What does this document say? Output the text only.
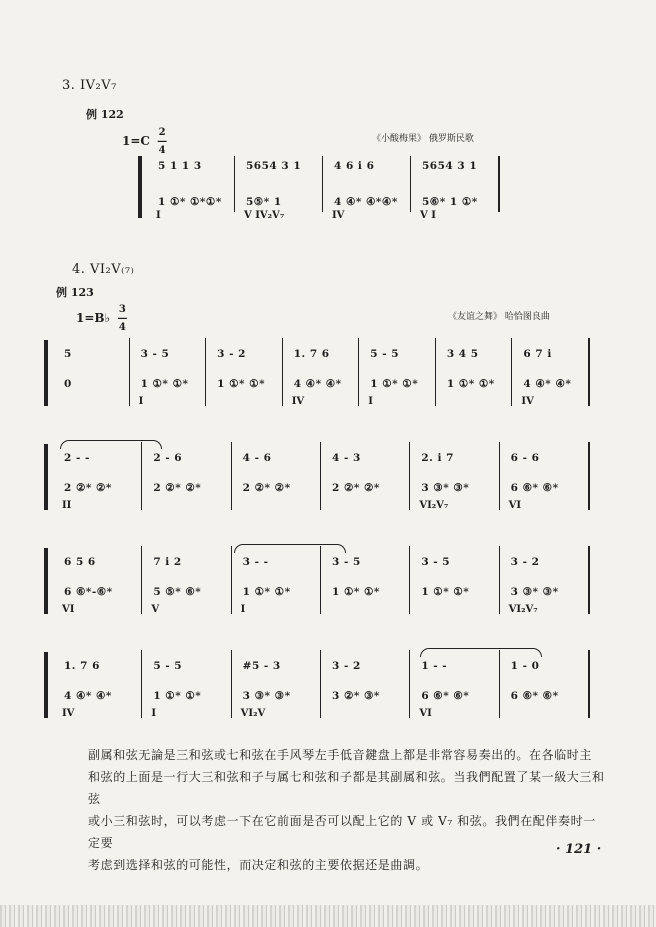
3. IV₂V₇
例 122
1=C 2
—
4
《小酸梅果》 俄罗斯民歌
5 1 1 3
1 ①* ①*①*
I
5654 3 1
5⑤* 1
V IV₂V₇
4 6 i 6
4 ④* ④*④*
IV
5654 3 1
5⑥* 1 ①*
V I
4. VI₂V₍₇₎
例 123
1=B♭ 3
—
4
《友谊之舞》 哈恰图良曲
5
0
3 - 5
1 ①* ①*
I
3 - 2
1 ①* ①*
1. 7 6
4 ④* ④*
IV
5 - 5
1 ①* ①*
I
3 4 5
1 ①* ①*
6 7 i
4 ④* ④*
IV
2 - -
2 ②* ②*
II
2 - 6
2 ②* ②*
4 - 6
2 ②* ②*
4 - 3
2 ②* ②*
2. i 7
3 ③* ③*
VI₂V₇
6 - 6
6 ⑥* ⑥*
VI
6 5 6
6 ⑥*-⑥*
VI
7 i 2
5 ⑤* ⑥*
V
3 - -
1 ①* ①*
I
3 - 5
1 ①* ①*
3 - 5
1 ①* ①*
3 - 2
3 ③* ③*
VI₂V₇
1. 7 6
4 ④* ④*
IV
5 - 5
1 ①* ①*
I
#5 - 3
3 ③* ③*
VI₂V
3 - 2
3 ②* ③*
1 - -
6 ⑥* ⑥*
VI
1 - 0
6 ⑥* ⑥*
副属和弦无論是三和弦或七和弦在手风琴左手低音鍵盘上都是非常容易奏出的。在各临时主
和弦的上面是一行大三和弦和子与属七和弦和子都是其副属和弦。当我們配置了某一級大三和弦
或小三和弦时，可以考虑一下在它前面是否可以配上它的 V 或 V₇ 和弦。我們在配伴奏时一定要
考虑到选择和弦的可能性，而决定和弦的主要依据还是曲調。
· 121 ·
